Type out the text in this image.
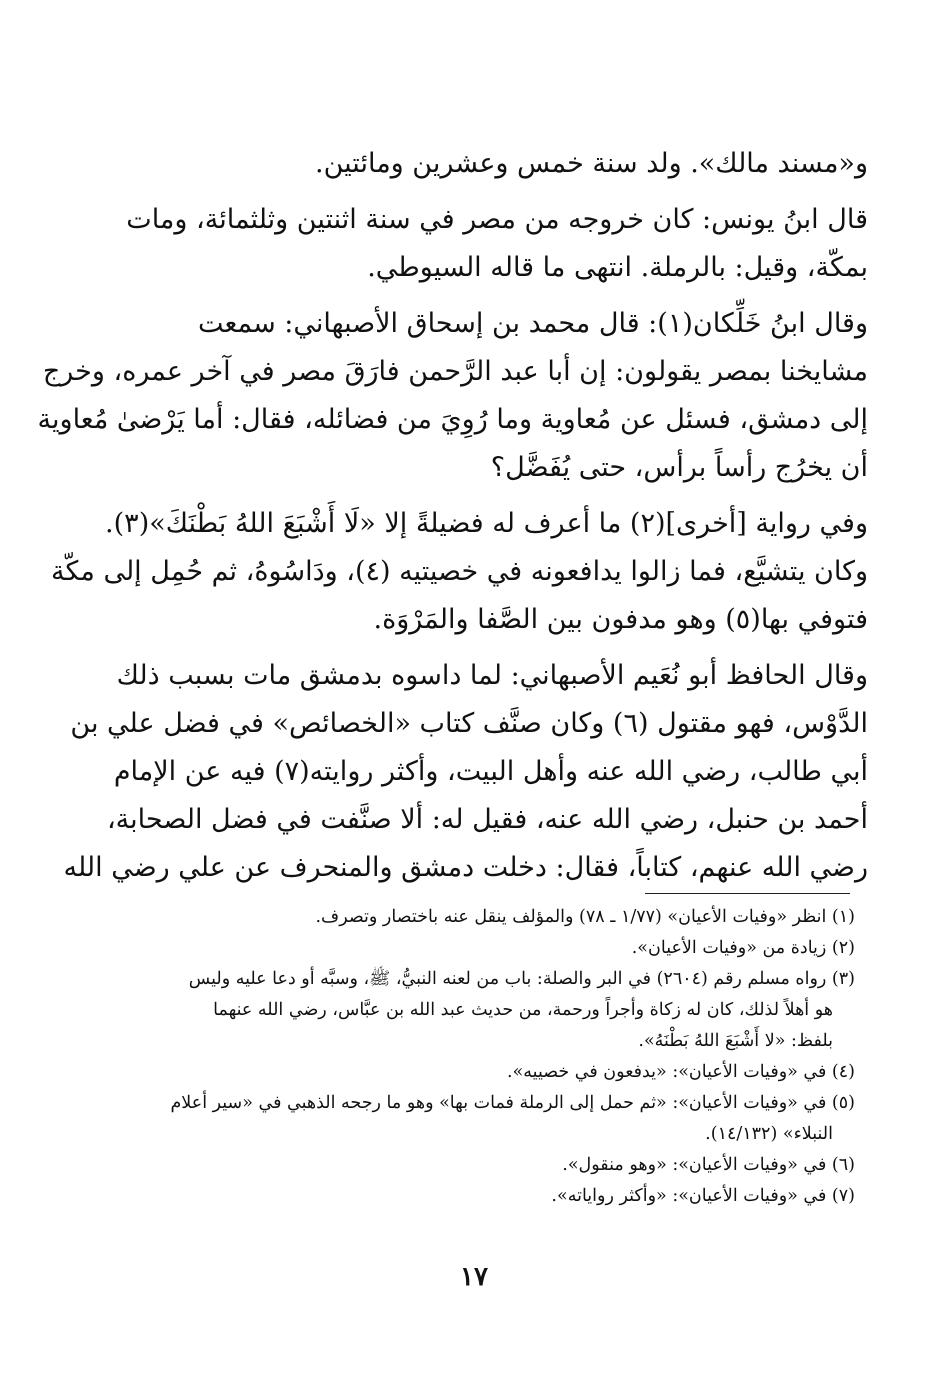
و«مسند مالك». ولد سنة خمس وعشرين ومائتين.
قال ابنُ يونس: كان خروجه من مصر في سنة اثنتين وثلثمائة، ومات
بمكّة، وقيل: بالرملة. انتهى ما قاله السيوطي.
وقال ابنُ خَلِّكان(١): قال محمد بن إسحاق الأصبهاني: سمعت
مشايخنا بمصر يقولون: إن أبا عبد الرَّحمن فارَقَ مصر في آخر عمره، وخرج
إلى دمشق، فسئل عن مُعاوية وما رُوِيَ من فضائله، فقال: أما يَرْضىٰ مُعاوية
أن يخرُج رأساً برأس، حتى يُفَضَّل؟
وفي رواية [أخرى](٢) ما أعرف له فضيلةً إلا «لَا أَشْبَعَ اللهُ بَطْنَكَ»(٣).
وكان يتشيَّع، فما زالوا يدافعونه في خصيتيه (٤)، ودَاسُوهُ، ثم حُمِل إلى مكّة
فتوفي بها(٥) وهو مدفون بين الصَّفا والمَرْوَة.
وقال الحافظ أبو نُعَيم الأصبهاني: لما داسوه بدمشق مات بسبب ذلك
الدَّوْس، فهو مقتول (٦) وكان صنَّف كتاب «الخصائص» في فضل علي بن
أبي طالب، رضي الله عنه وأهل البيت، وأكثر روايته(٧) فيه عن الإمام
أحمد بن حنبل، رضي الله عنه، فقيل له: ألا صنَّفت في فضل الصحابة،
رضي الله عنهم، كتاباً، فقال: دخلت دمشق والمنحرف عن علي رضي الله
(١) انظر «وفيات الأعيان» (١/٧٧ ـ ٧٨) والمؤلف ينقل عنه باختصار وتصرف.
(٢) زيادة من «وفيات الأعيان».
(٣) رواه مسلم رقم (٢٦٠٤) في البر والصلة: باب من لعنه النبيُّ، ﷺ، وسبَّه أو دعا عليه وليس
هو أهلاً لذلك، كان له زكاة وأجراً ورحمة، من حديث عبد الله بن عبَّاس، رضي الله عنهما
بلفظ: «لا أَشْبَعَ اللهُ بَطْنَهُ».
(٤) في «وفيات الأعيان»: «يدفعون في خصييه».
(٥) في «وفيات الأعيان»: «ثم حمل إلى الرملة فمات بها» وهو ما رجحه الذهبي في «سير أعلام
النبلاء» (١٤/١٣٢).
(٦) في «وفيات الأعيان»: «وهو منقول».
(٧) في «وفيات الأعيان»: «وأكثر رواياته».
١٧
